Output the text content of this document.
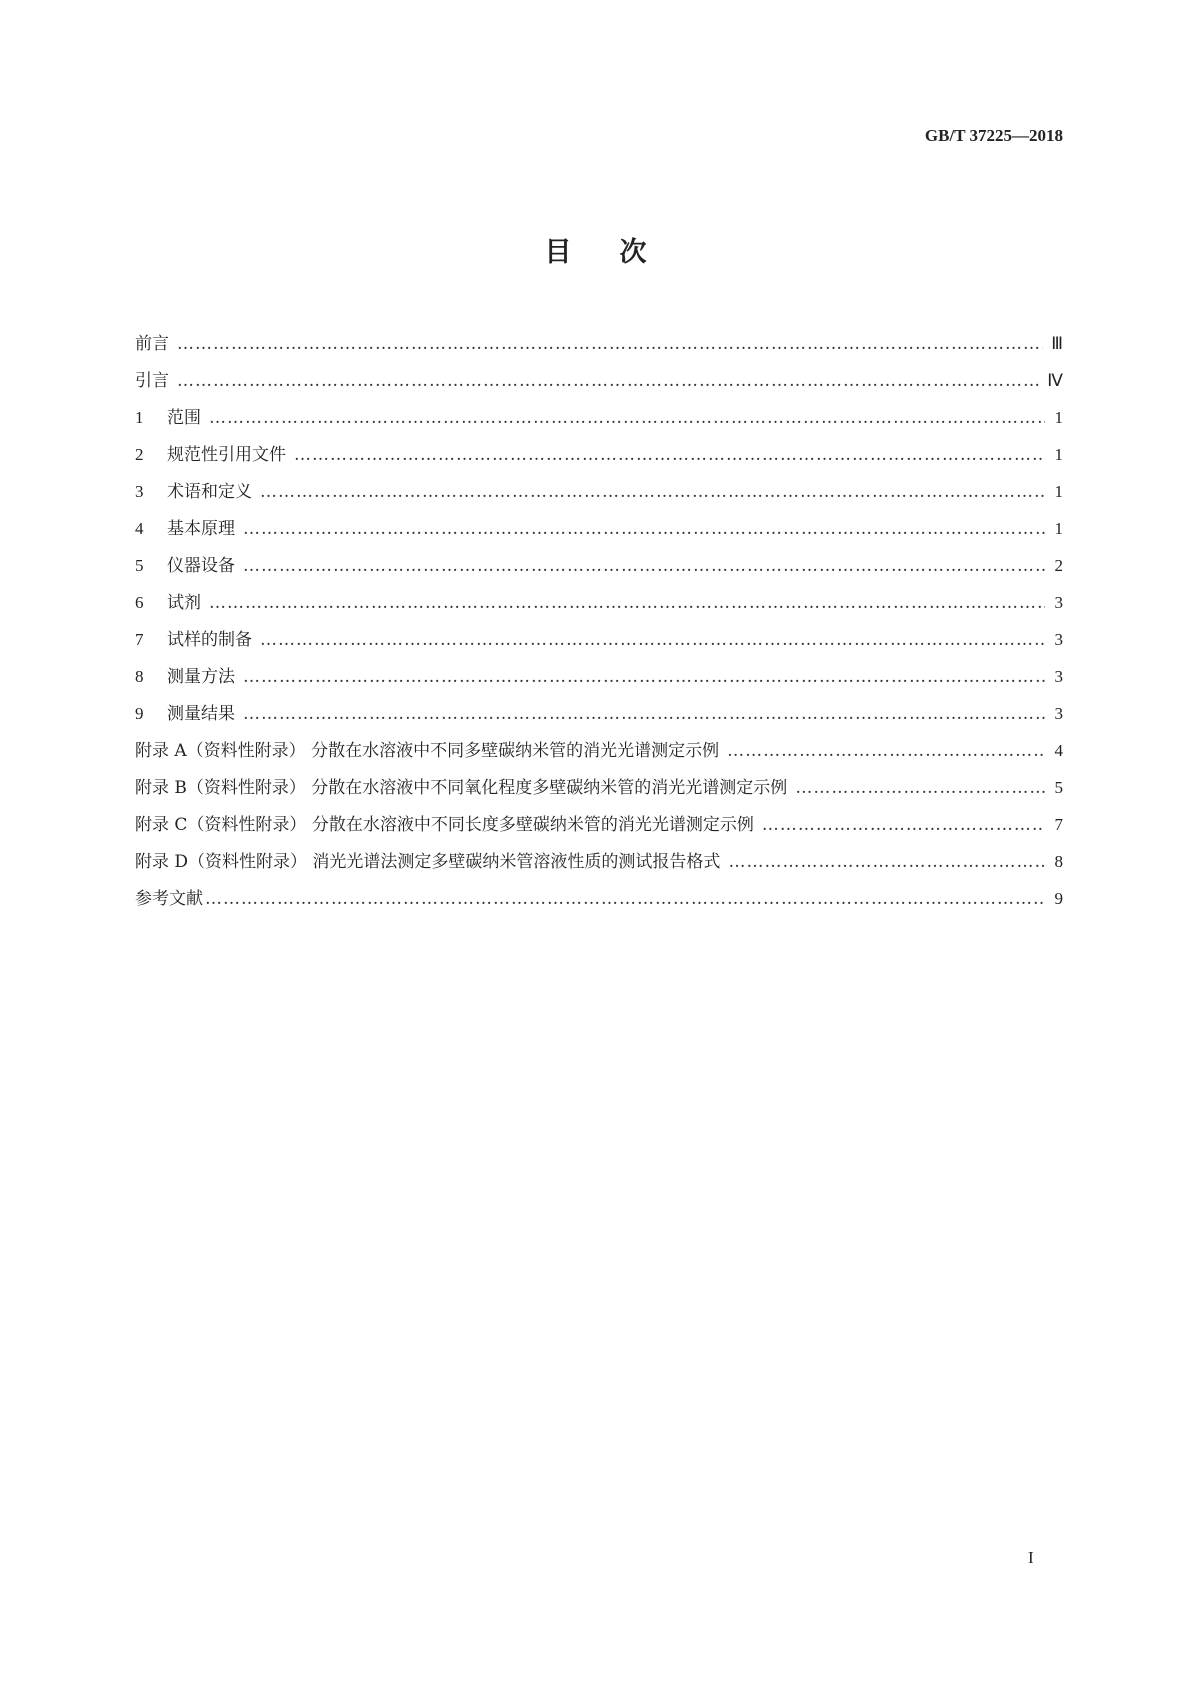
GB/T 37225—2018
目次
前言 …………………………………………………………………………………………………………………………………………………………………………………………	Ⅲ
引言 …………………………………………………………………………………………………………………………………………………………………………………………	Ⅳ
1	范围 …………………………………………………………………………………………………………………………………………………………………………………………	1
2	规范性引用文件 …………………………………………………………………………………………………………………………………………………………………………………………	1
3	术语和定义 …………………………………………………………………………………………………………………………………………………………………………………………	1
4	基本原理 …………………………………………………………………………………………………………………………………………………………………………………………	1
5	仪器设备 …………………………………………………………………………………………………………………………………………………………………………………………	2
6	试剂 …………………………………………………………………………………………………………………………………………………………………………………………	3
7	试样的制备 …………………………………………………………………………………………………………………………………………………………………………………………	3
8	测量方法 …………………………………………………………………………………………………………………………………………………………………………………………	3
9	测量结果 …………………………………………………………………………………………………………………………………………………………………………………………	3
附录 A（资料性附录） 分散在水溶液中不同多壁碳纳米管的消光光谱测定示例 …………………………………………………………………………………………………………………………………………………………………………………………	4
附录 B（资料性附录） 分散在水溶液中不同氧化程度多壁碳纳米管的消光光谱测定示例 …………………………………………………………………………………………………………………………………………………………………………………………	5
附录 C（资料性附录） 分散在水溶液中不同长度多壁碳纳米管的消光光谱测定示例 …………………………………………………………………………………………………………………………………………………………………………………………	7
附录 D（资料性附录） 消光光谱法测定多壁碳纳米管溶液性质的测试报告格式 …………………………………………………………………………………………………………………………………………………………………………………………	8
参考文献 …………………………………………………………………………………………………………………………………………………………………………………………	9
I
